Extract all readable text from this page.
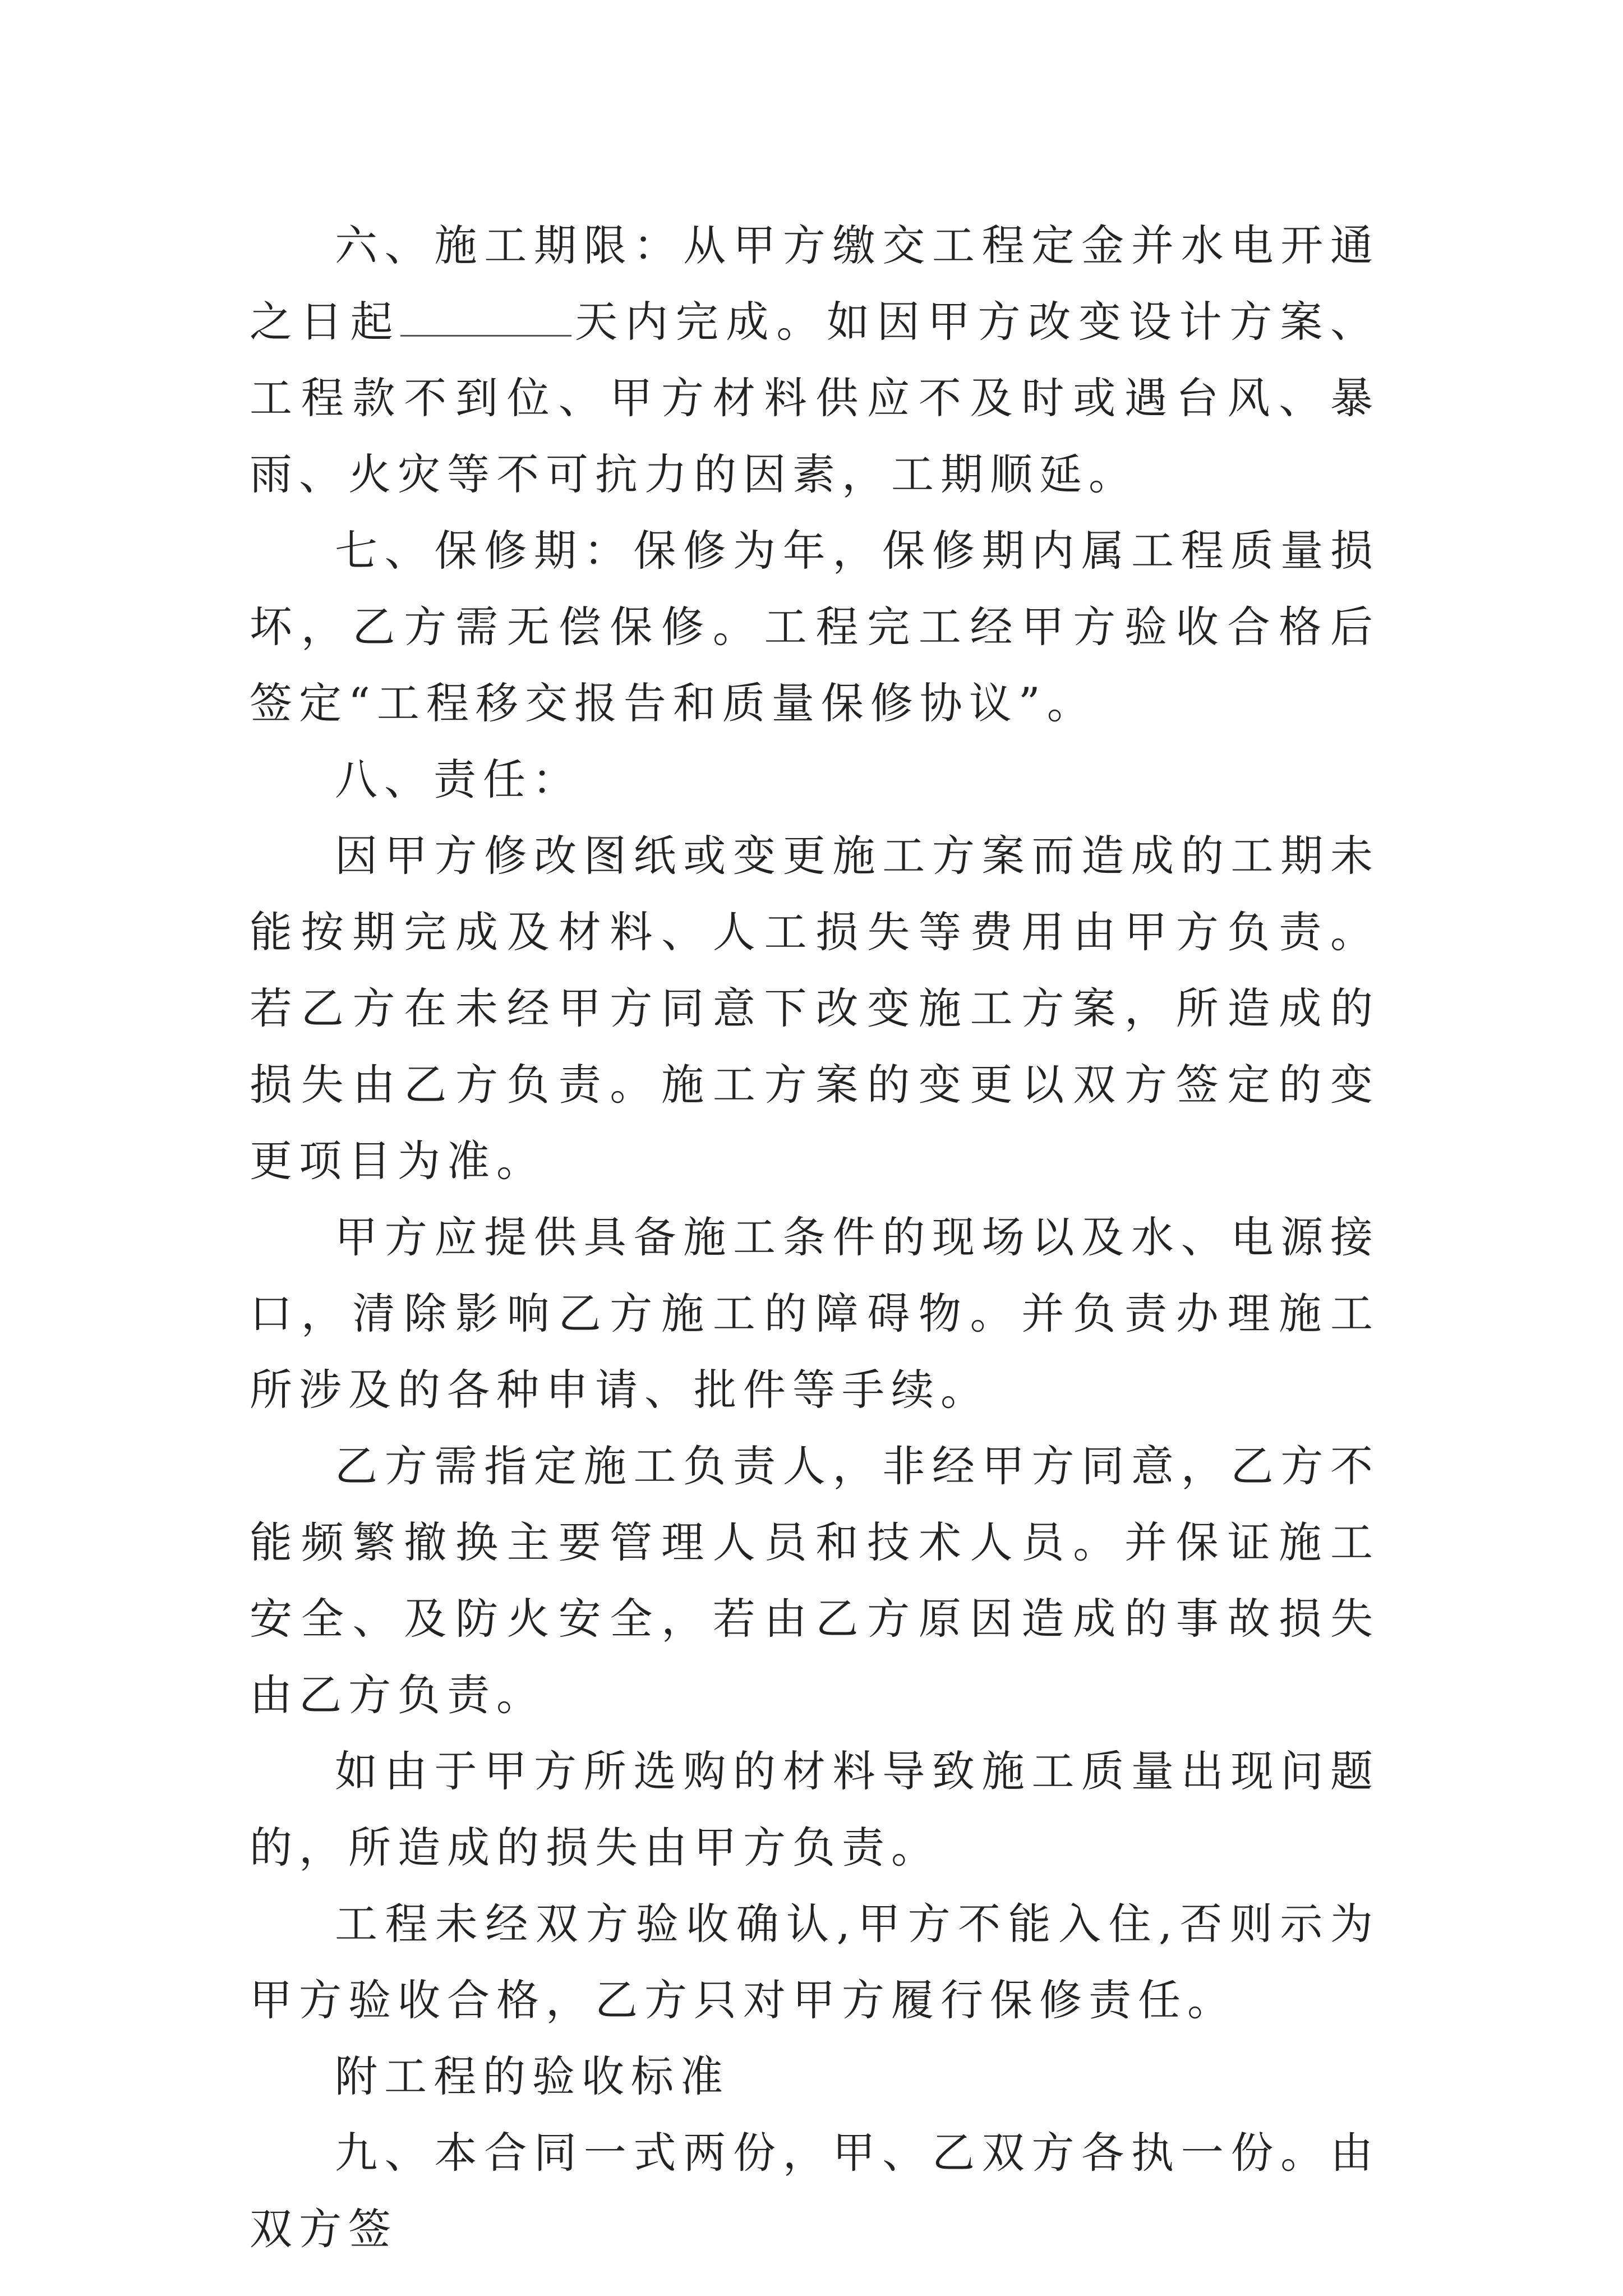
六、施工期限：从甲方缴交工程定金并水电开通之日起	天内完成。如因甲方改变设计方案、工程款不到位、甲方材料供应不及时或遇台风、暴雨、火灾等不可抗力的因素，工期顺延。

七、保修期：保修为年，保修期内属工程质量损坏，乙方需无偿保修。工程完工经甲方验收合格后签定“工程移交报告和质量保修协议”。

八、责任：

因甲方修改图纸或变更施工方案而造成的工期未能按期完成及材料、人工损失等费用由甲方负责。若乙方在未经甲方同意下改变施工方案，所造成的损失由乙方负责。施工方案的变更以双方签定的变更项目为准。

甲方应提供具备施工条件的现场以及水、电源接口，清除影响乙方施工的障碍物。并负责办理施工所涉及的各种申请、批件等手续。

乙方需指定施工负责人，非经甲方同意，乙方不能频繁撤换主要管理人员和技术人员。并保证施工安全、及防火安全，若由乙方原因造成的事故损失由乙方负责。

如由于甲方所选购的材料导致施工质量出现问题的，所造成的损失由甲方负责。

工程未经双方验收确认,甲方不能入住,否则示为甲方验收合格，乙方只对甲方履行保修责任。

附工程的验收标准

九、本合同一式两份，甲、乙双方各执一份。由双方签
